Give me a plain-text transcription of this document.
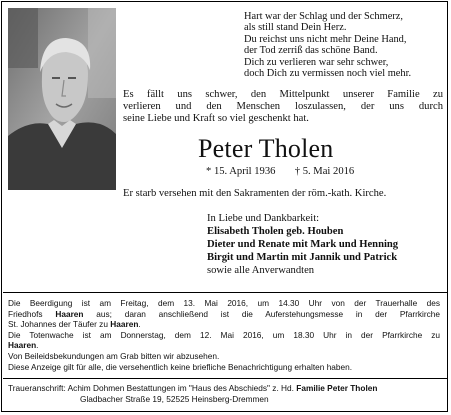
Hart war der Schlag und der Schmerz,
als still stand Dein Herz.
Du reichst uns nicht mehr Deine Hand,
der Tod zerriß das schöne Band.
Dich zu verlieren war sehr schwer,
doch Dich zu vermissen noch viel mehr.
Es fällt uns schwer, den Mittelpunkt unserer Familie zu
verlieren und den Menschen loszulassen, der uns durch
seine Liebe und Kraft so viel geschenkt hat.
Peter Tholen
* 15. April 1936 † 5. Mai 2016
Er starb versehen mit den Sakramenten der röm.-kath. Kirche.
In Liebe und Dankbarkeit:
Elisabeth Tholen geb. Houben
Dieter und Renate mit Mark und Henning
Birgit und Martin mit Jannik und Patrick
sowie alle Anverwandten
Die Beerdigung ist am Freitag, dem 13. Mai 2016, um 14.30 Uhr von der Trauerhalle des
Friedhofs Haaren aus; daran anschließend ist die Auferstehungsmesse in der Pfarrkirche
St. Johannes der Täufer zu Haaren.
Die Totenwache ist am Donnerstag, dem 12. Mai 2016, um 18.30 Uhr in der Pfarrkirche zu
Haaren.
Von Beileidsbekundungen am Grab bitten wir abzusehen.
Diese Anzeige gilt für alle, die versehentlich keine briefliche Benachrichtigung erhalten haben.
Traueranschrift: Achim Dohmen Bestattungen im "Haus des Abschieds" z. Hd. Familie Peter Tholen
Gladbacher Straße 19, 52525 Heinsberg-Dremmen
